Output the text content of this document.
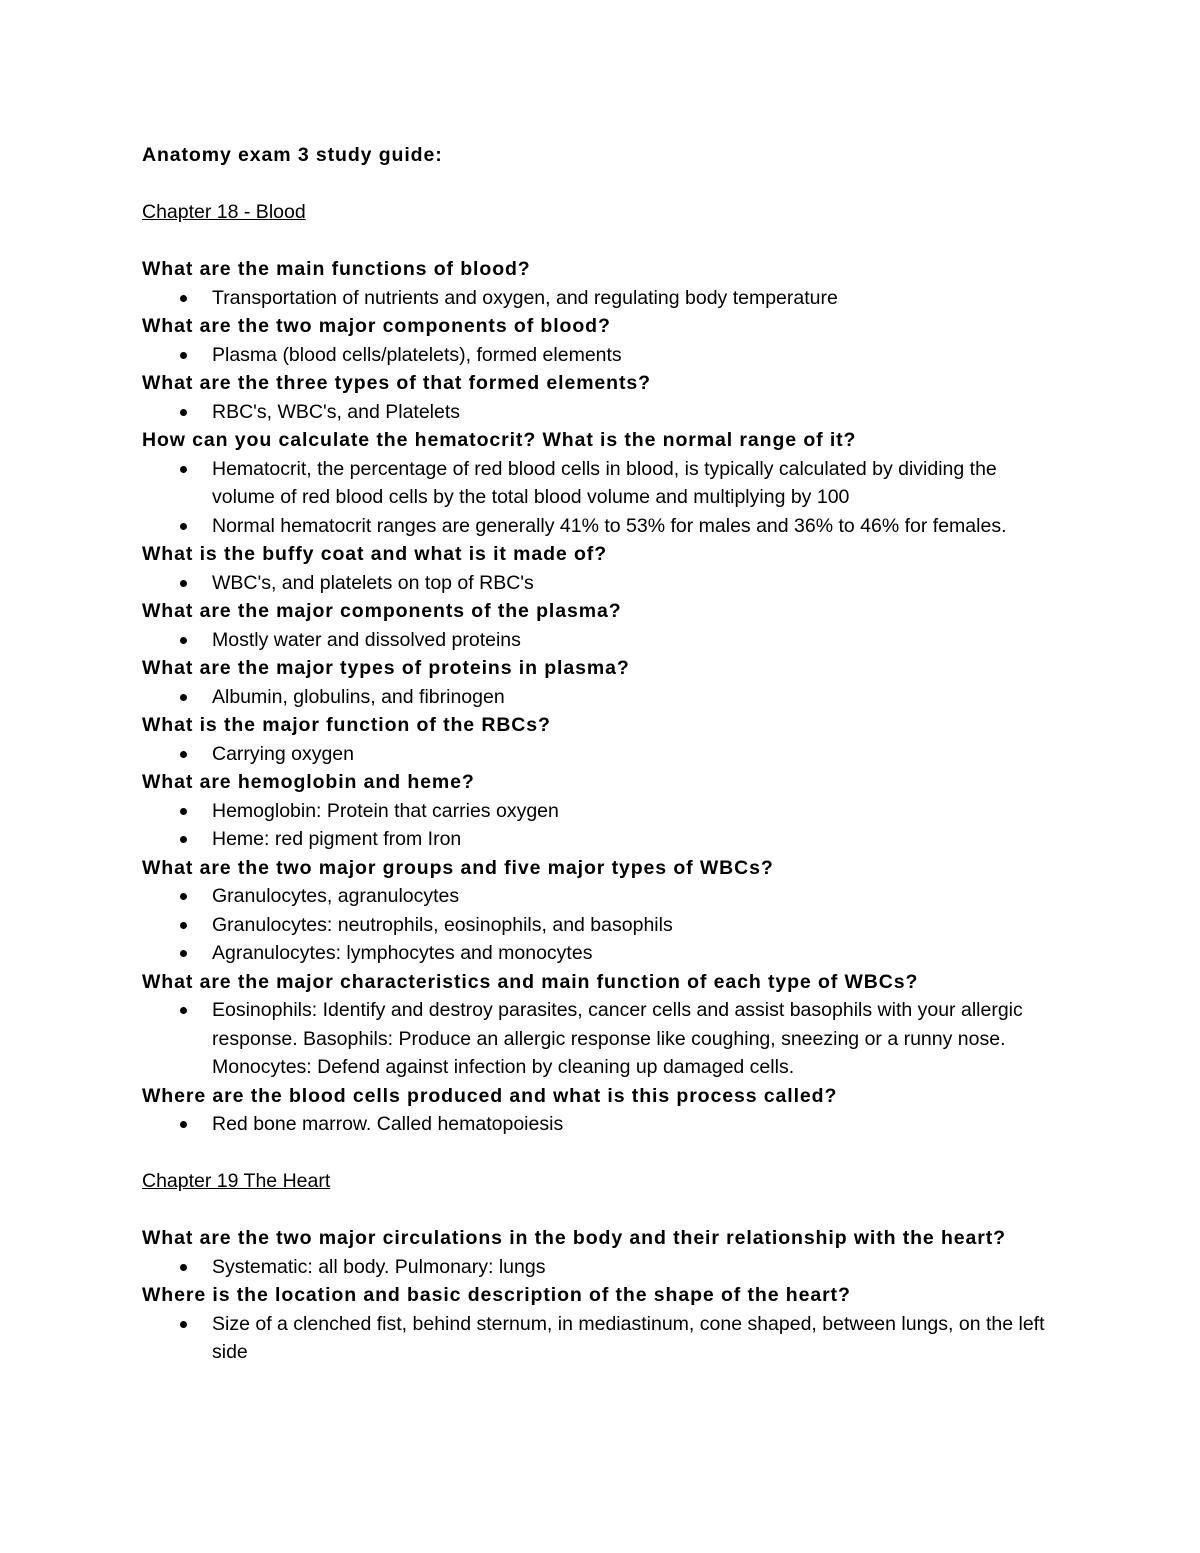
Anatomy exam 3 study guide:

Chapter 18 - Blood

What are the main functions of blood?

Transportation of nutrients and oxygen, and regulating body temperature

What are the two major components of blood?

Plasma (blood cells/platelets), formed elements

What are the three types of that formed elements?

RBC's, WBC's, and Platelets

How can you calculate the hematocrit? What is the normal range of it?

Hematocrit, the percentage of red blood cells in blood, is typically calculated by dividing the volume of red blood cells by the total blood volume and multiplying by 100
Normal hematocrit ranges are generally 41% to 53% for males and 36% to 46% for females.

What is the buffy coat and what is it made of?

WBC's, and platelets on top of RBC's

What are the major components of the plasma?

Mostly water and dissolved proteins

What are the major types of proteins in plasma?

Albumin, globulins, and fibrinogen

What is the major function of the RBCs?

Carrying oxygen

What are hemoglobin and heme?

Hemoglobin: Protein that carries oxygen
Heme: red pigment from Iron

What are the two major groups and five major types of WBCs?

Granulocytes, agranulocytes
Granulocytes: neutrophils, eosinophils, and basophils
Agranulocytes: lymphocytes and monocytes

What are the major characteristics and main function of each type of WBCs?

Eosinophils: Identify and destroy parasites, cancer cells and assist basophils with your allergic response. Basophils: Produce an allergic response like coughing, sneezing or a runny nose. Monocytes: Defend against infection by cleaning up damaged cells.

Where are the blood cells produced and what is this process called?

Red bone marrow. Called hematopoiesis

Chapter 19 The Heart

What are the two major circulations in the body and their relationship with the heart?

Systematic: all body. Pulmonary: lungs

Where is the location and basic description of the shape of the heart?

Size of a clenched fist, behind sternum, in mediastinum, cone shaped, between lungs, on the left side
